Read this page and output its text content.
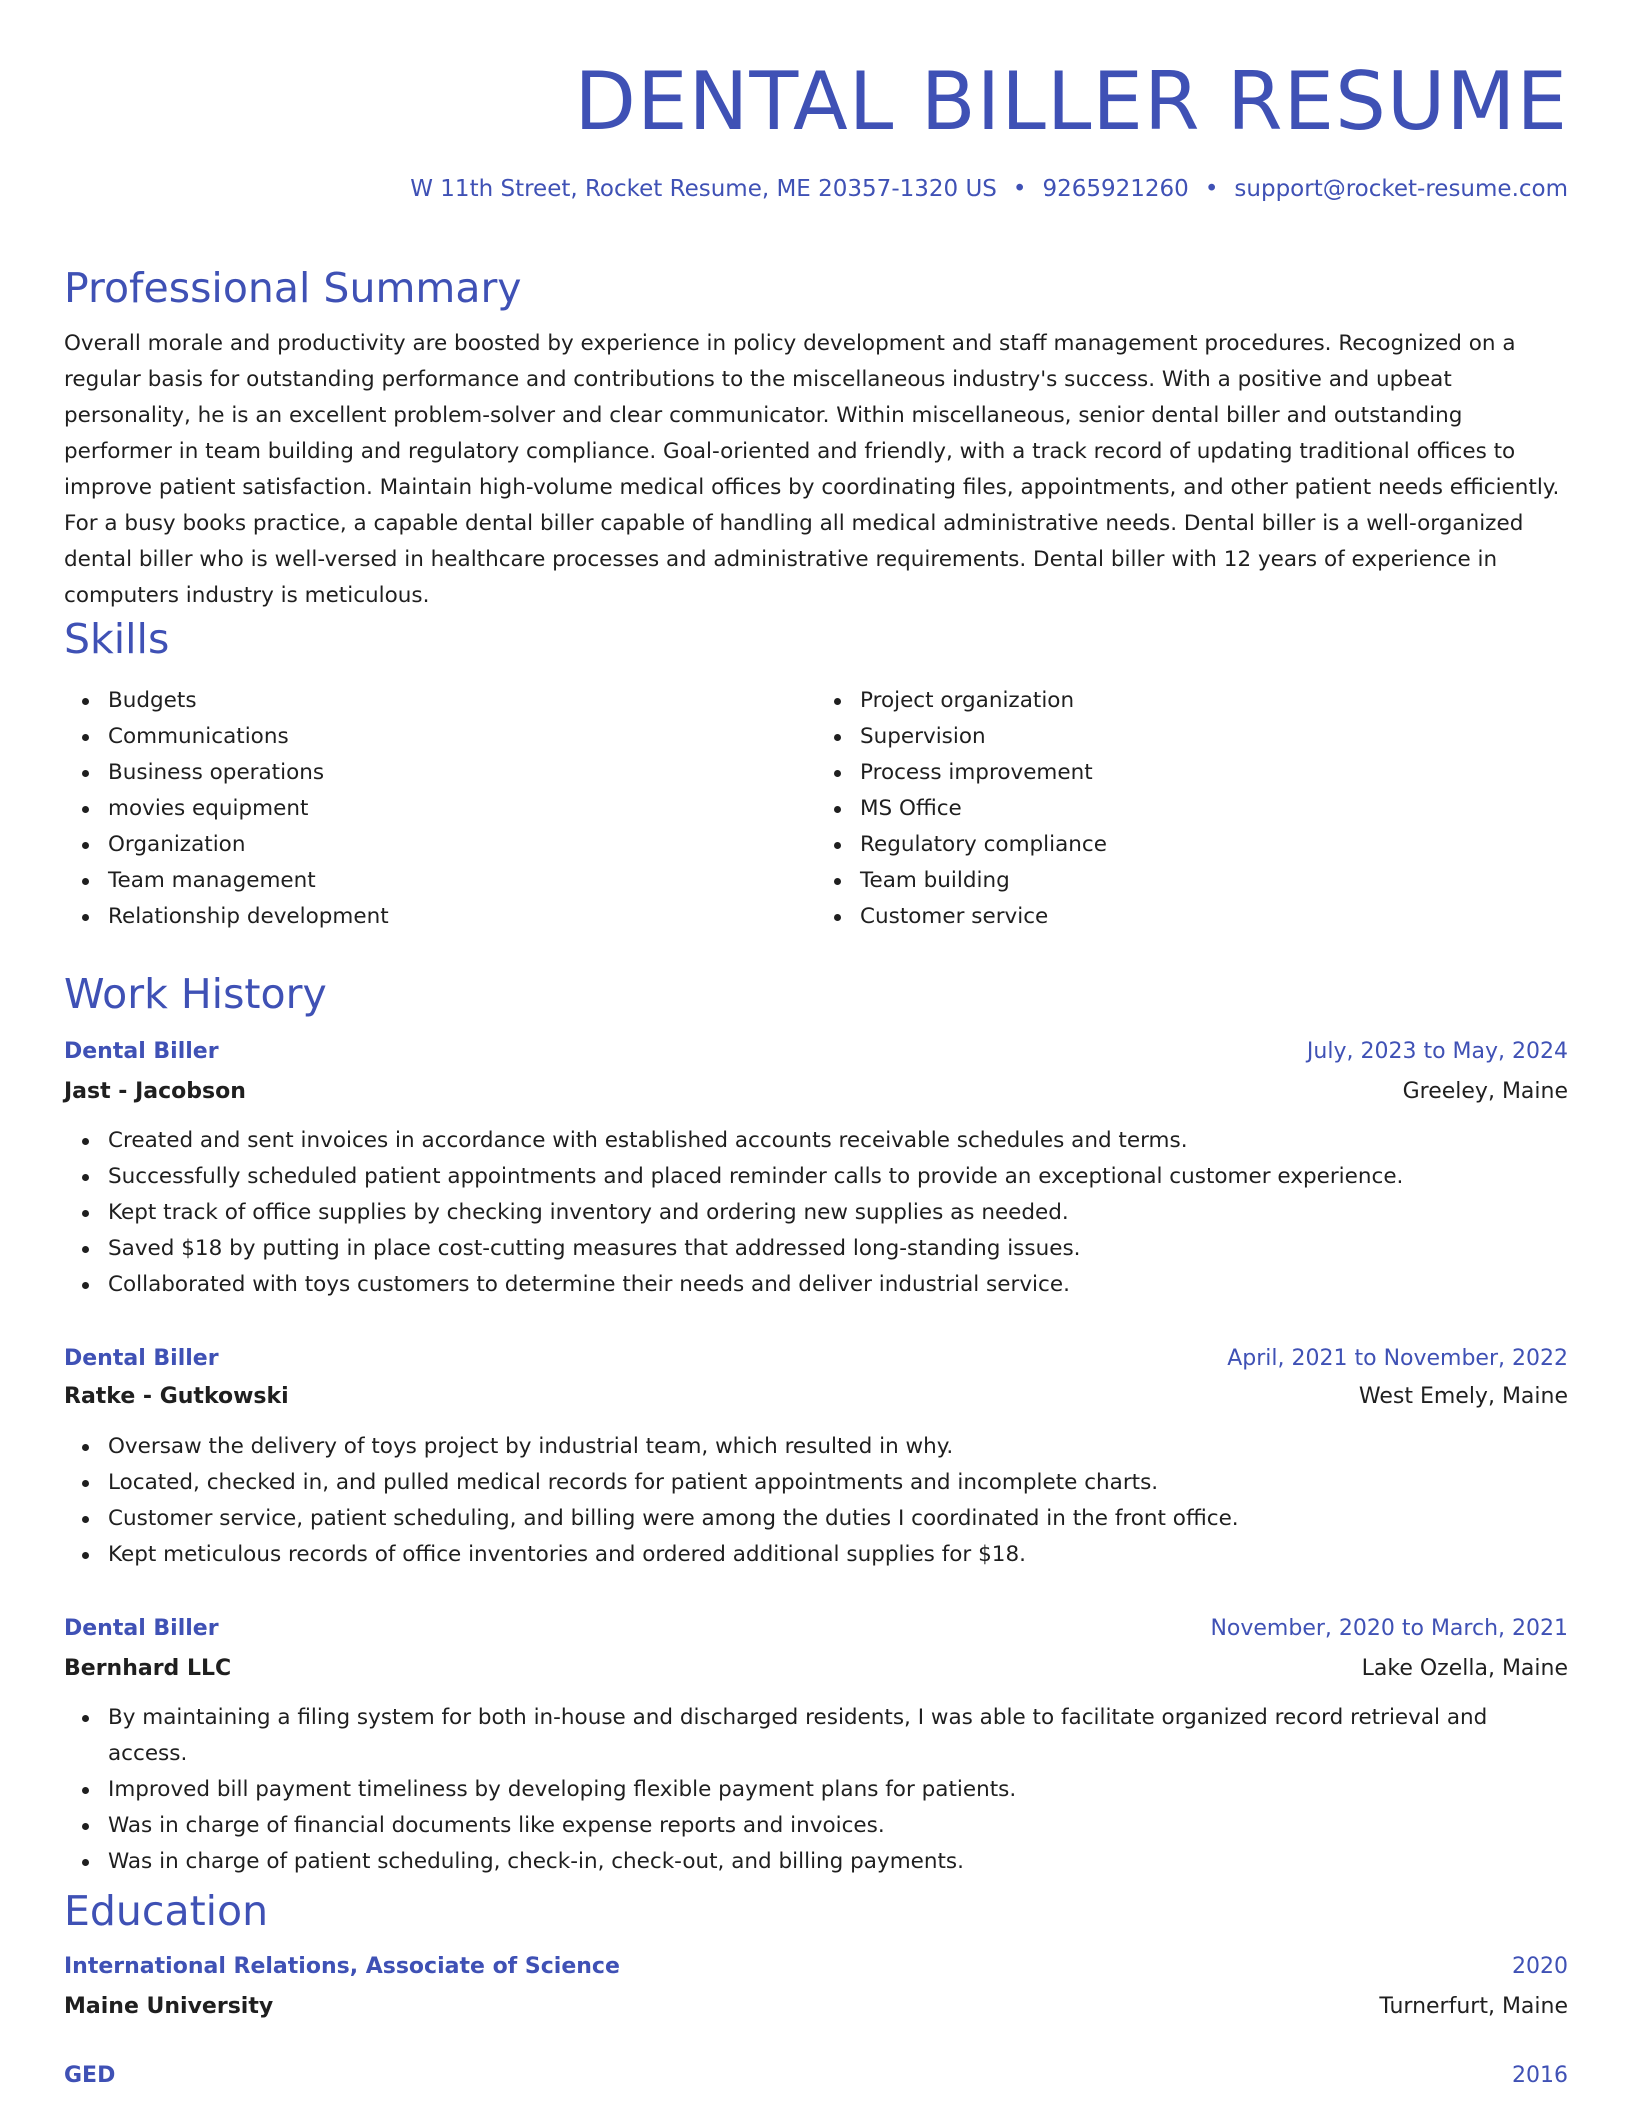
DENTAL BILLER RESUME
W 11th Street, Rocket Resume, ME 20357-1320 US • 9265921260 • support@rocket-resume.com
Professional Summary

Overall morale and productivity are boosted by experience in policy development and staff management procedures. Recognized on a regular basis for outstanding performance and contributions to the miscellaneous industry's success. With a positive and upbeat personality, he is an excellent problem-solver and clear communicator. Within miscellaneous, senior dental biller and outstanding performer in team building and regulatory compliance. Goal-oriented and friendly, with a track record of updating traditional offices to improve patient satisfaction. Maintain high-volume medical offices by coordinating files, appointments, and other patient needs efficiently. For a busy books practice, a capable dental biller capable of handling all medical administrative needs. Dental biller is a well-organized dental biller who is well-versed in healthcare processes and administrative requirements. Dental biller with 12 years of experience in computers industry is meticulous.

Skills
Budgets
Communications
Business operations
movies equipment
Organization
Team management
Relationship development
Project organization
Supervision
Process improvement
MS Office
Regulatory compliance
Team building
Customer service
Work History
Dental Biller	July, 2023 to May, 2024
Jast - Jacobson	Greeley, Maine
Created and sent invoices in accordance with established accounts receivable schedules and terms.
Successfully scheduled patient appointments and placed reminder calls to provide an exceptional customer experience.
Kept track of office supplies by checking inventory and ordering new supplies as needed.
Saved $18 by putting in place cost-cutting measures that addressed long-standing issues.
Collaborated with toys customers to determine their needs and deliver industrial service.
Dental Biller	April, 2021 to November, 2022
Ratke - Gutkowski	West Emely, Maine
Oversaw the delivery of toys project by industrial team, which resulted in why.
Located, checked in, and pulled medical records for patient appointments and incomplete charts.
Customer service, patient scheduling, and billing were among the duties I coordinated in the front office.
Kept meticulous records of office inventories and ordered additional supplies for $18.
Dental Biller	November, 2020 to March, 2021
Bernhard LLC	Lake Ozella, Maine
By maintaining a filing system for both in-house and discharged residents, I was able to facilitate organized record retrieval and access.
Improved bill payment timeliness by developing flexible payment plans for patients.
Was in charge of financial documents like expense reports and invoices.
Was in charge of patient scheduling, check-in, check-out, and billing payments.
Education
International Relations, Associate of Science	2020
Maine University	Turnerfurt, Maine
GED	2016
